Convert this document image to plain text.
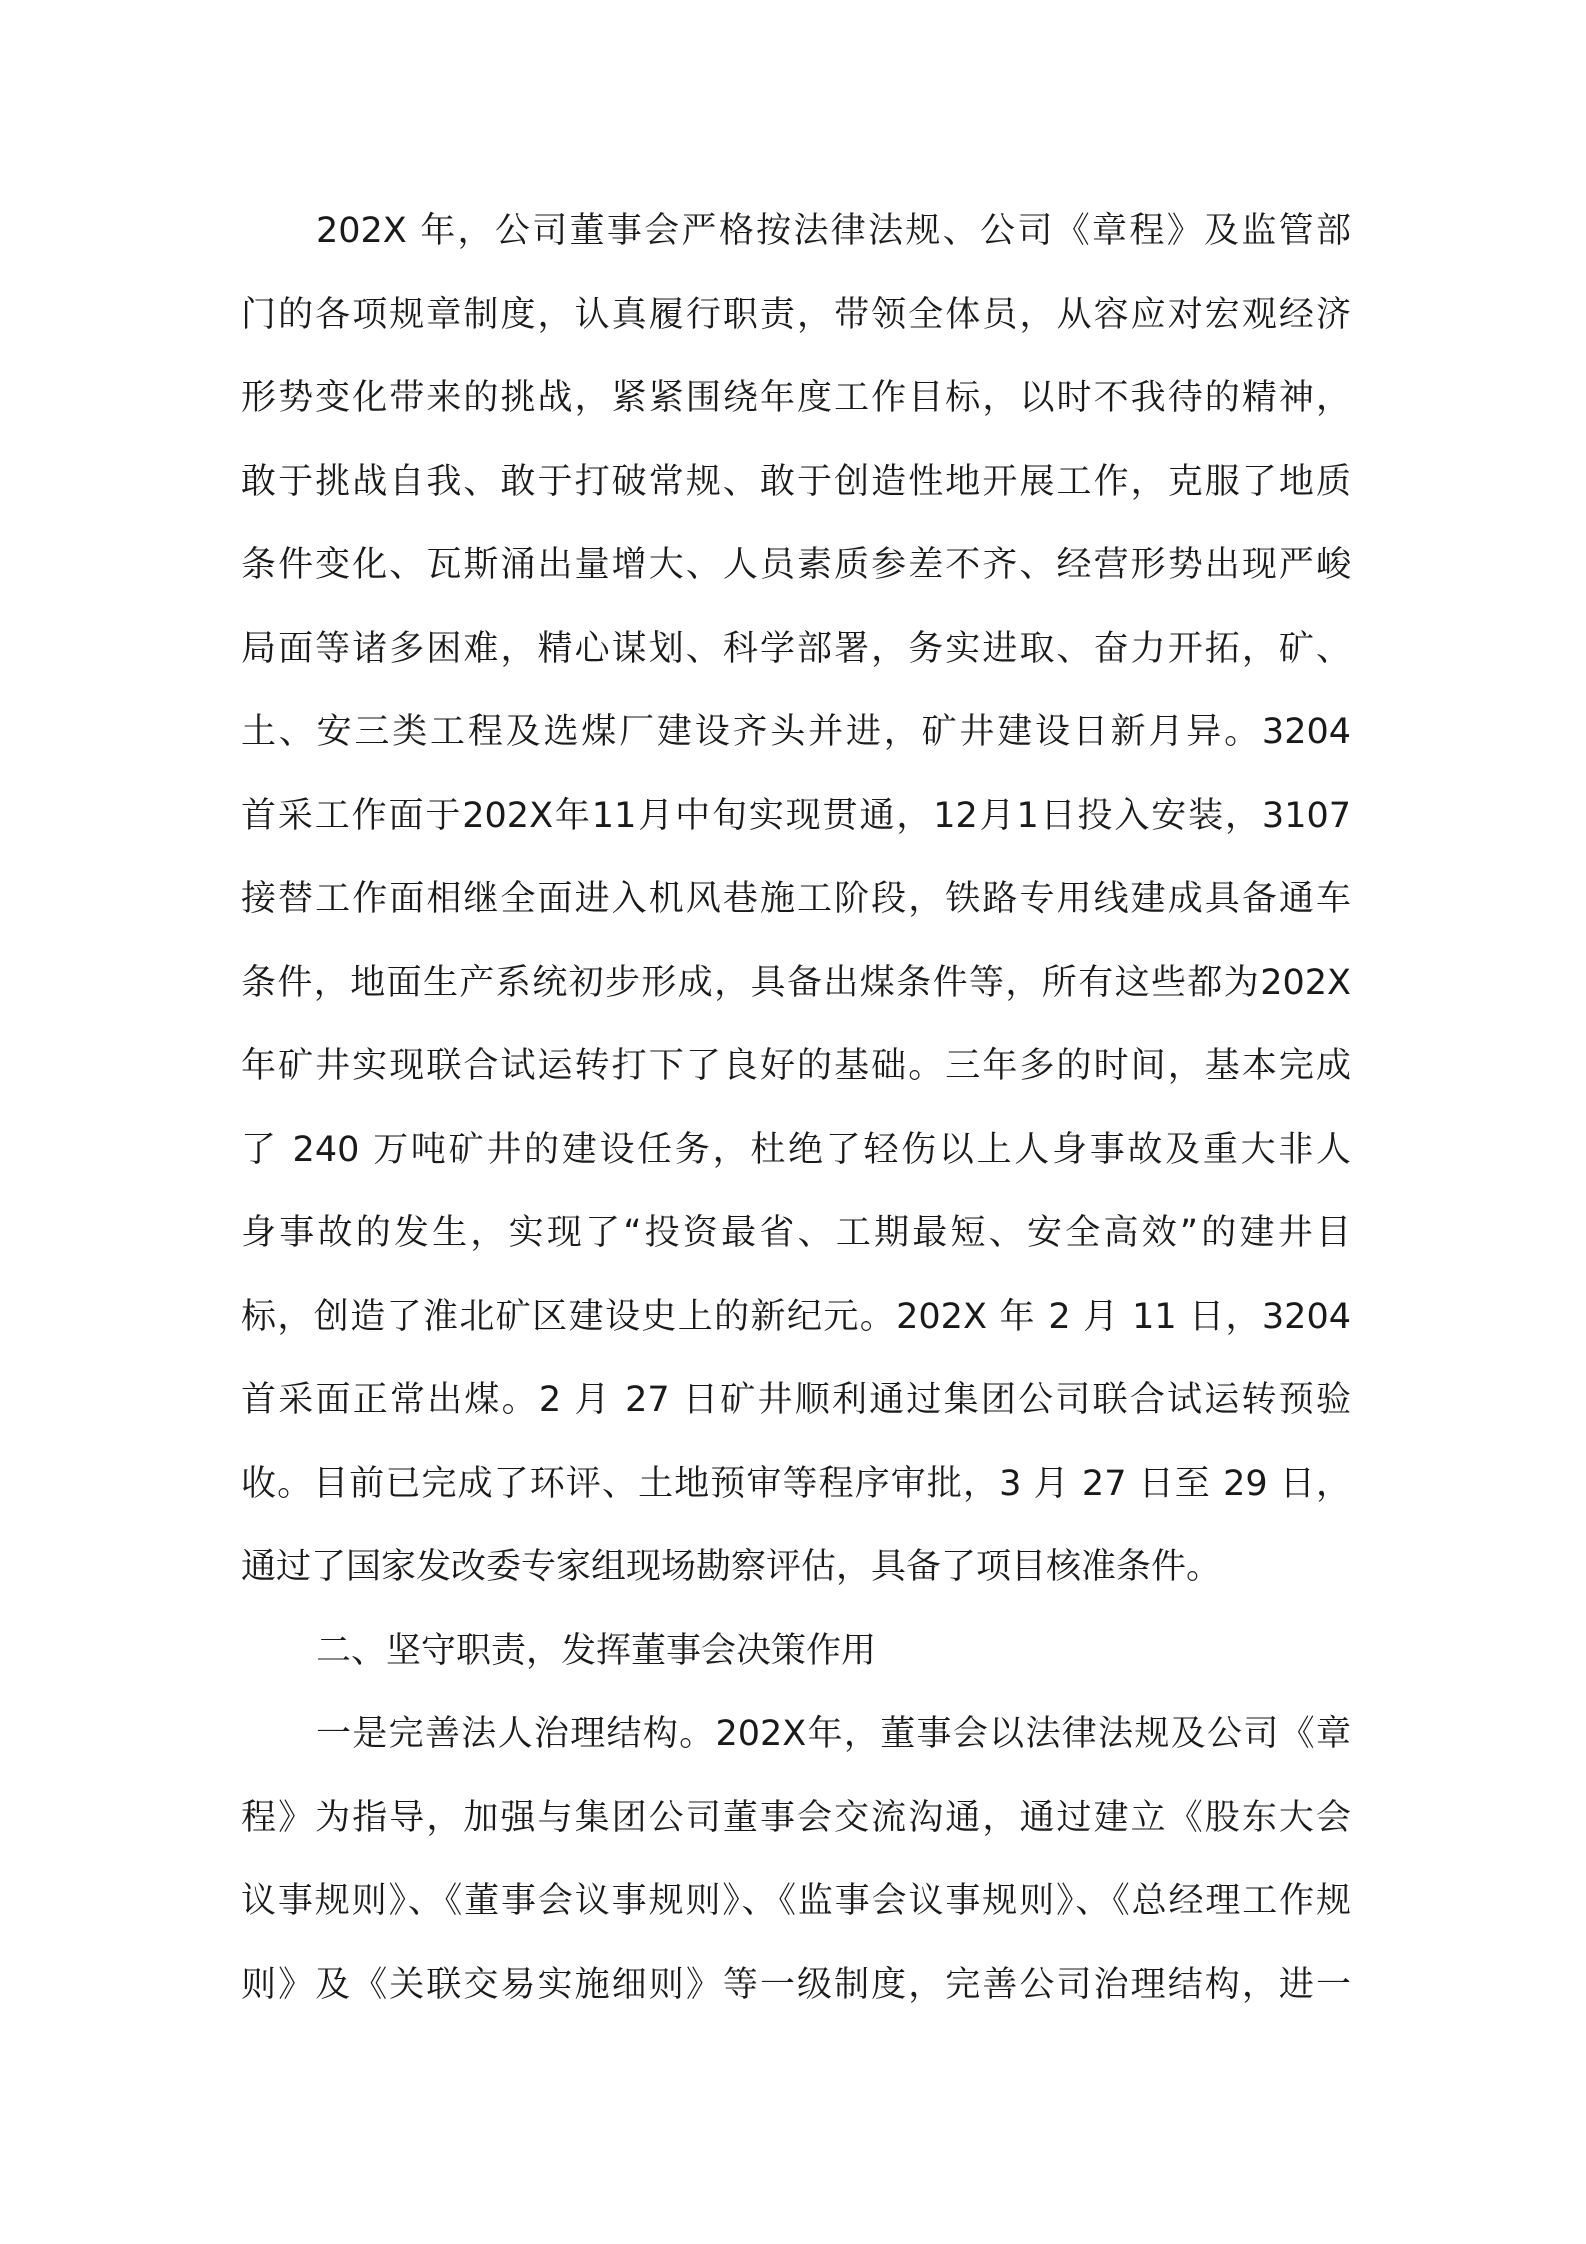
202X 年，公司董事会严格按法律法规、公司《章程》及监管部
门的各项规章制度，认真履行职责，带领全体员，从容应对宏观经济
形势变化带来的挑战，紧紧围绕年度工作目标，以时不我待的精神，
敢于挑战自我、敢于打破常规、敢于创造性地开展工作，克服了地质
条件变化、瓦斯涌出量增大、人员素质参差不齐、经营形势出现严峻
局面等诸多困难，精心谋划、科学部署，务实进取、奋力开拓，矿、
土、安三类工程及选煤厂建设齐头并进，矿井建设日新月异。3204
首采工作面于202X年11月中旬实现贯通，12月1日投入安装，3107
接替工作面相继全面进入机风巷施工阶段，铁路专用线建成具备通车
条件，地面生产系统初步形成，具备出煤条件等，所有这些都为202X
年矿井实现联合试运转打下了良好的基础。三年多的时间，基本完成
了 240 万吨矿井的建设任务，杜绝了轻伤以上人身事故及重大非人
身事故的发生，实现了“投资最省、工期最短、安全高效”的建井目
标，创造了淮北矿区建设史上的新纪元。202X 年 2 月 11 日，3204
首采面正常出煤。2 月 27 日矿井顺利通过集团公司联合试运转预验
收。目前已完成了环评、土地预审等程序审批，3 月 27 日至 29 日，
通过了国家发改委专家组现场勘察评估，具备了项目核准条件。
二、坚守职责，发挥董事会决策作用
一是完善法人治理结构。202X年，董事会以法律法规及公司《章
程》为指导，加强与集团公司董事会交流沟通，通过建立《股东大会
议事规则》、《董事会议事规则》、《监事会议事规则》、《总经理工作规
则》及《关联交易实施细则》等一级制度，完善公司治理结构，进一
